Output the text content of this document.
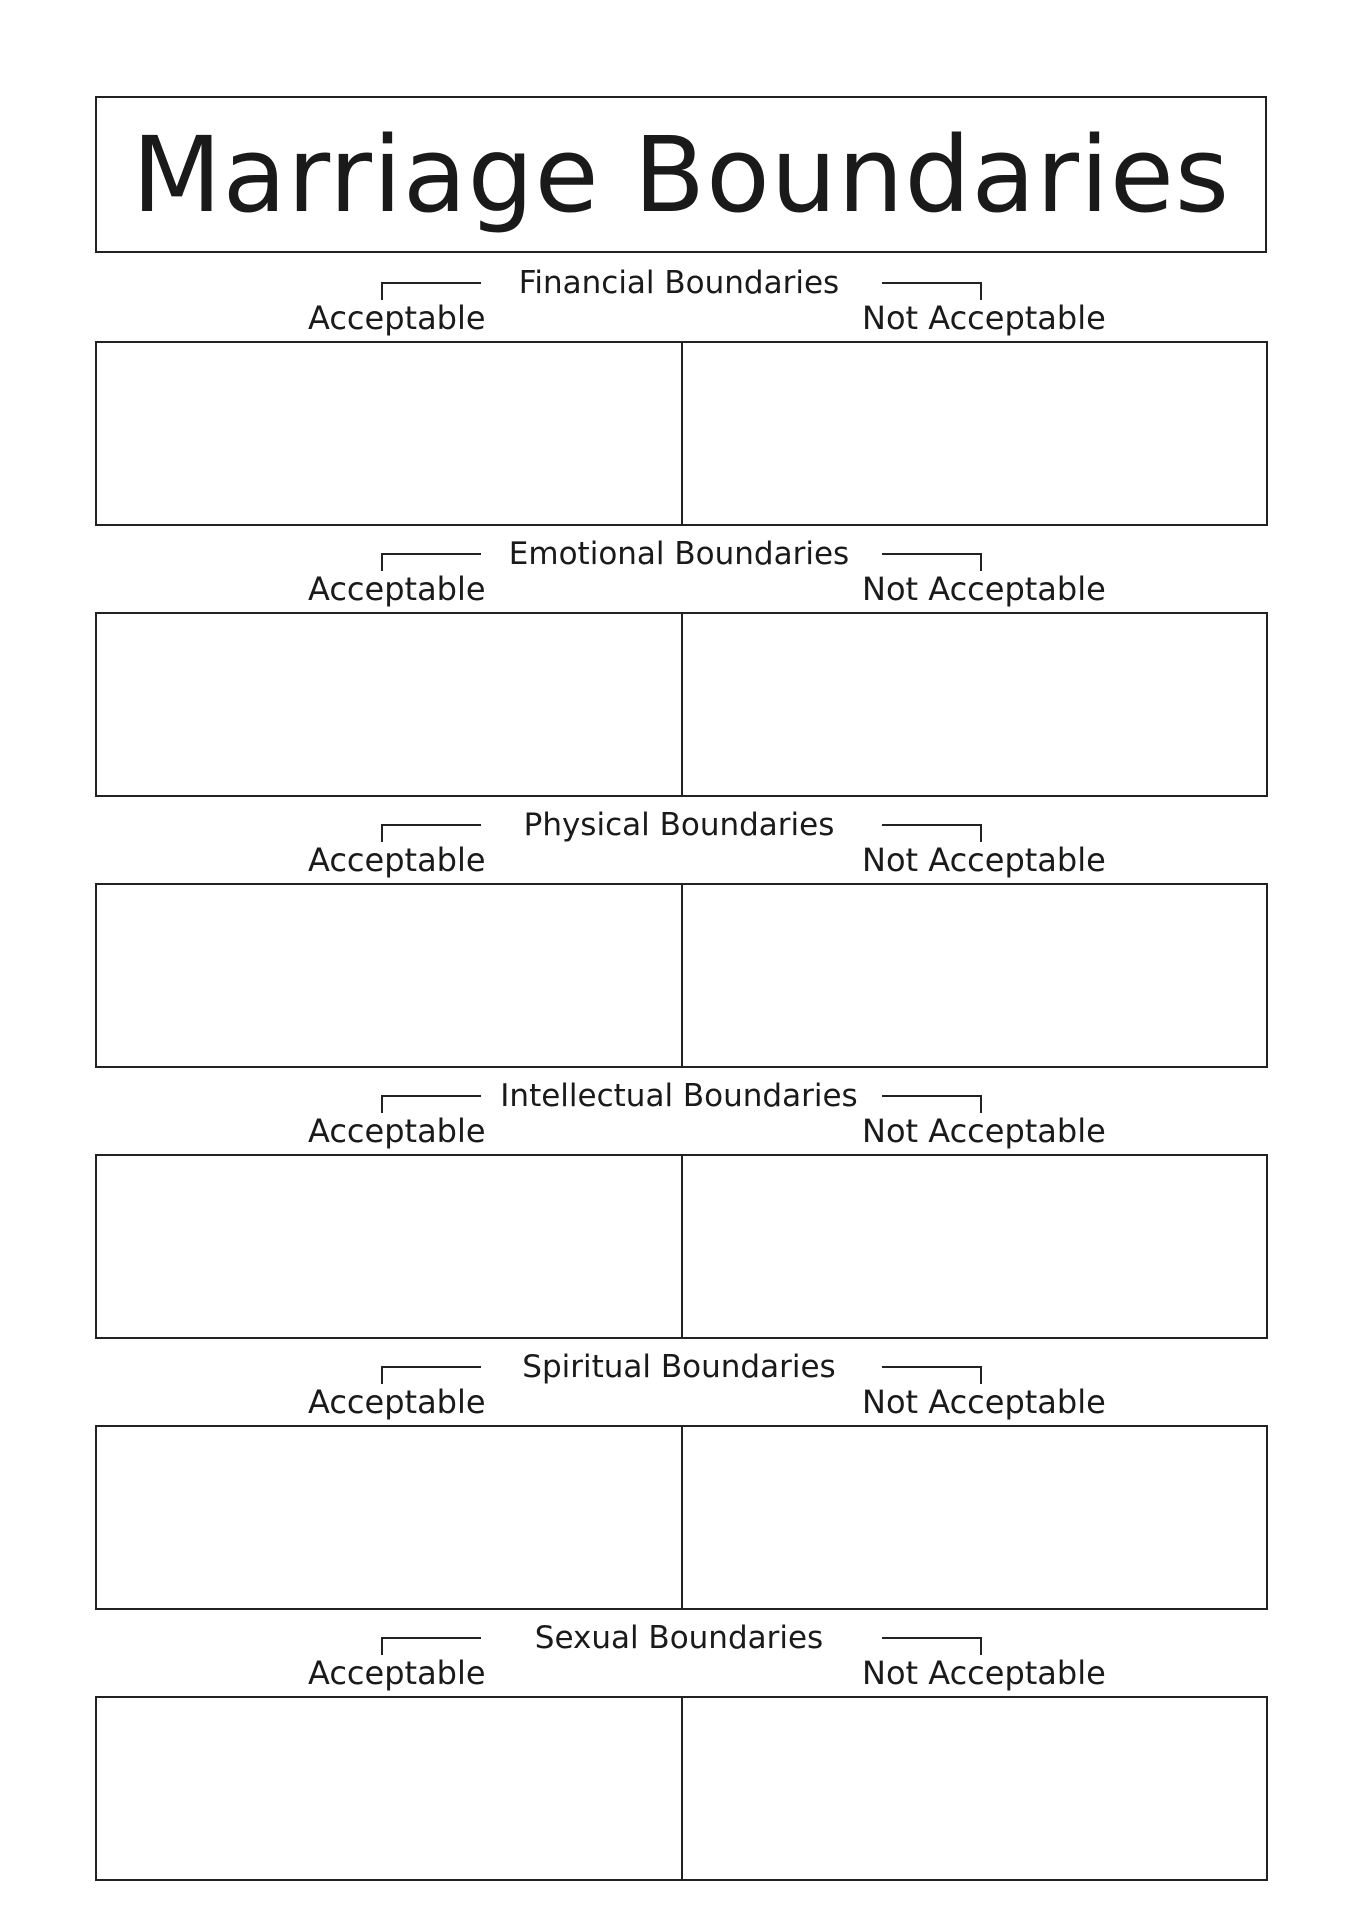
Marriage Boundaries
Financial Boundaries
Acceptable	Not Acceptable
Emotional Boundaries
Acceptable	Not Acceptable
Physical Boundaries
Acceptable	Not Acceptable
Intellectual Boundaries
Acceptable	Not Acceptable
Spiritual Boundaries
Acceptable	Not Acceptable
Sexual Boundaries
Acceptable	Not Acceptable
